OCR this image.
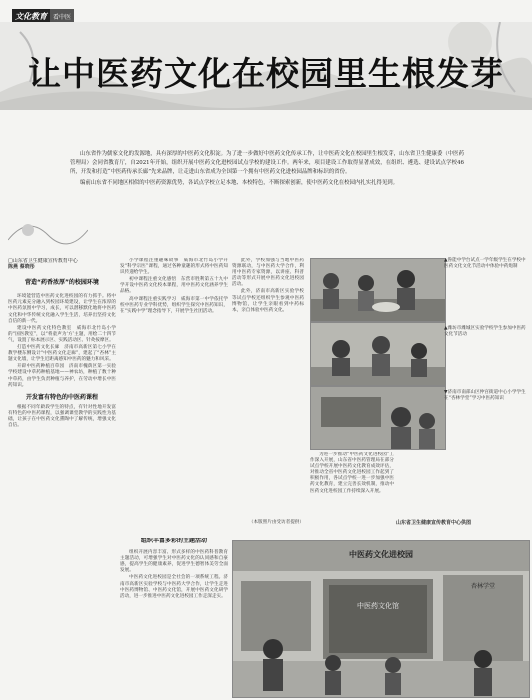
文化教育 看中医
让中医药文化在校园里生根发芽

山东省作为儒家文化的发源地，具有深厚的中医药文化积淀。为了进一步做好中医药文化传承工作，让中医药文化在校园里生根发芽，山东省卫生健康委（中医药管理局）会同省教育厅，自2021年开始，组织开展中医药文化进校园试点学校的建设工作。两年来，项目建设工作取得显著成效，在组织、遴选、建设试点学校46所，开发和打造“中医药传承长廊”先来品牌，让走进山东省成为全国第一个拥有中医药文化进校园品牌和标识的省份。

编前山东省不同地区相似的中医药资源优势，各试点学校立足本地、本校特色，不断探索创新，使中医药文化在校园内扎实扎得见到。

□山东省卫生健康宣传教育中心
陈燕 蔡晓彤
营造“药香浓厚”的校园环境

环境能营造中医药文化进校园的有力抓手。将中医药元素充分融入到校园环境建设，让学生在浓厚的中医药氛围中学习，成长，可以潜移默化地将中医药文化和中华传统文化融入学生生活，培养出坚持文化自信的新一代。

建设中医药文化特色教室　威海市北竹岛小学的“国医教室”，以“将童声为‘方’主题，用绘二十四节气，设置了标本展示区、实践活动区、针灸按摩区。

打造中医药文化长廊　济南市高新区第七小学在教学楼东侧设计“中医药文化走廊”，建起了“杏林”主题文化墙，让学生近距离感知中医药的魅力和风采。

开辟中医药种植百草园　济南市槐荫区第一实验学校建设中草药种植基地——神农坊，种植了数十种中草药，由学生负责种植与养护，在劳动中增长中医药知识。

开发富有特色的中医药课程

根据不同年龄段学生的特点，有针对性地开发富有特色的中医药课程，以强调课堂教学的实践性为基础，让孩子在中医药文化熏陶中了解传统，增强文化自信。

小学课程注重趣味故事　威海市北竹岛小学开发“科学宗医”课程，通过各种童趣的形式将中医药知识传递给学生。

初中课程注重文化感悟　东营市胜利第五十九中学开设中医药文化校本课程，用中医药文化涵养学生品格。

高中课程注重实践学习　威海市第一中学依托学校中医药专业学科优势，组织学生探究中医药知识，在“实践中学”理念指导下，开展学生社团活动。

此外，学校加强与当地中医药资源联动，与中医药大学合作，利用中医药专家资源，以讲座、科普活动等形式开展中医药文化进校园活动。

此外，济南市高新区实验学校等试点学校还组织学生参观中医药博物馆，让学生亲眼看到中药标本，亲自体验中医药文化。

组织丰富多彩的主题活动

组织开展内容丰富、形式多样的中医药科普教育主题活动，可增强学生对中医药文化的认同感和自豪感，提高学生的健康素养，促进学生德智体美劳全面发展。

中医药文化进校园是全社会的一项系统工程。济南市高新区实验学校与中医药大学合作，让学生走进中医药博物馆、中医药文化馆，开展中医药文化研学活动，进一步推进中医药文化进校园工作走深走实。

▲鲁能中学台试点一学年级学生在学校中医药文化文化节活动中体验中药炮制
▲潍坊市潍城区实验学校学生参加中医药文化节活动
▼济南市南部山区仲宫街道中心小学学生在“杏林学堂”学习中医药知识

为进一步推动“中医药文化进校园”工作深入开展，山东省中医药管理局在部分试点学校开展中医药文化教育成效评估，对推动全省中医药文化进校园工作起到了积极作用，各试点学校一进一步加强中医药文化教育，建立完善长效机制，推动中医药文化进校园工作持续深入开展。

（本版照片由受访者提供）	山东省卫生健康宣传教育中心供图
中医药文化进校园
中医药文化馆
杏林学堂
